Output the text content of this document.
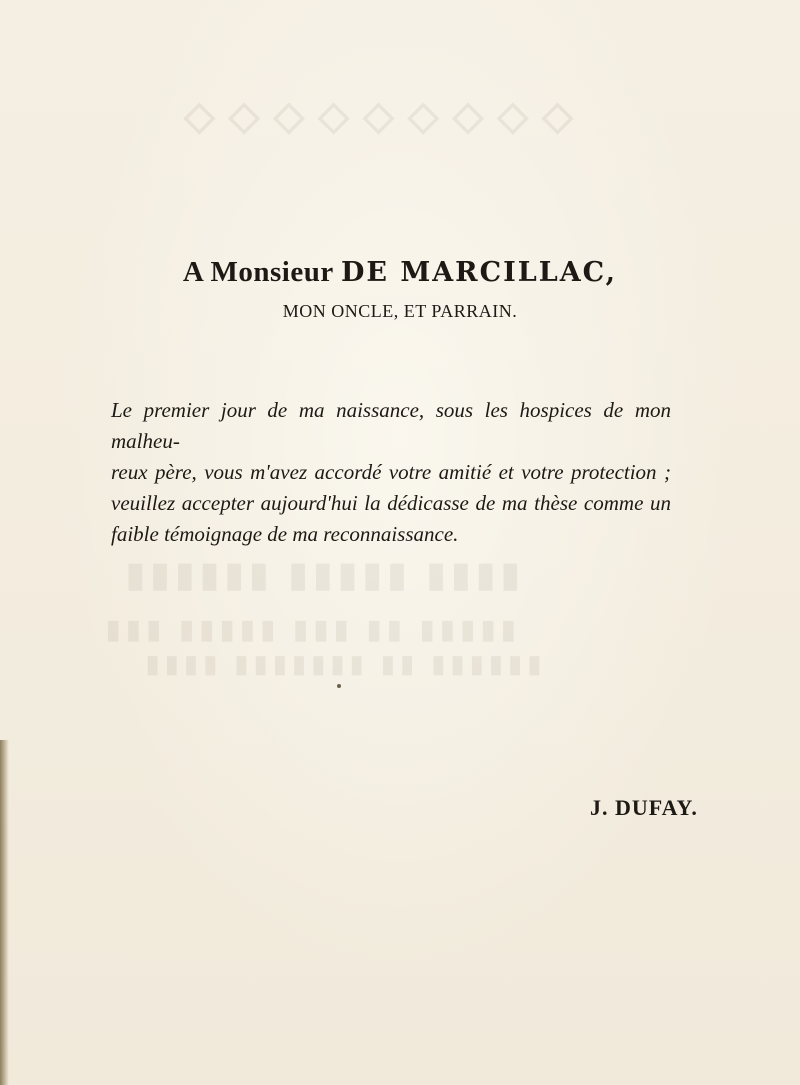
◇◇◇◇◇◇◇◇◇
▮▮▮▮ ▮▮▮▮▮ ▮▮▮▮▮▮
▮▮▮▮▮ ▮▮ ▮▮▮ ▮▮▮▮▮ ▮▮▮
▮▮▮▮▮▮ ▮▮ ▮▮▮▮▮▮▮ ▮▮▮▮
A Monsieur DE MARCILLAC,
MON ONCLE, ET PARRAIN.
Le premier jour de ma naissance, sous les hospices de mon malheu-
reux père, vous m'avez accordé votre amitié et votre protection ;
veuillez accepter aujourd'hui la dédicasse de ma thèse comme un
faible témoignage de ma reconnaissance.
J. DUFAY.
